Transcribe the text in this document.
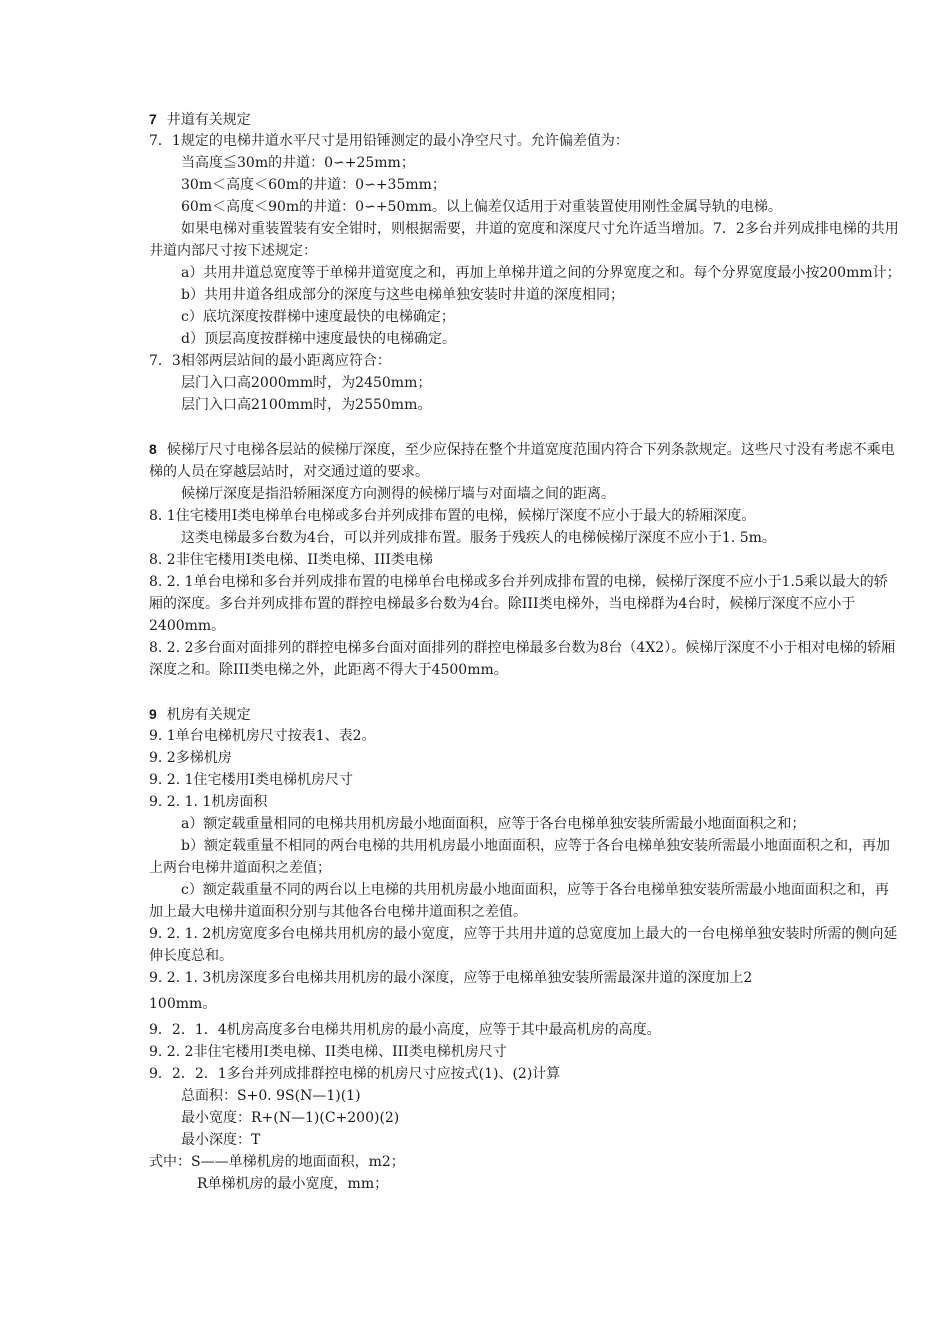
7 井道有关规定
7．1规定的电梯井道水平尺寸是用铅锤测定的最小净空尺寸。允许偏差值为：
当高度≦30m的井道：0∽+25mm；
30m＜高度＜60m的井道：0∽+35mm；
60m＜高度＜90m的井道：0∽+50mm。以上偏差仅适用于对重装置使用刚性金属导轨的电梯。
如果电梯对重装置装有安全钳时，则根据需要，井道的宽度和深度尺寸允许适当增加。7．2多台并列成排电梯的共用井道内部尺寸按下述规定：
a）共用井道总宽度等于单梯井道宽度之和，再加上单梯井道之间的分界宽度之和。每个分界宽度最小按200mm计；
b）共用井道各组成部分的深度与这些电梯单独安装时井道的深度相同；
c）底坑深度按群梯中速度最快的电梯确定；
d）顶层高度按群梯中速度最快的电梯确定。
7．3相邻两层站间的最小距离应符合：
层门入口高2000mm时，为2450mm；
层门入口高2100mm时，为2550mm。
8 候梯厅尺寸电梯各层站的候梯厅深度，至少应保持在整个井道宽度范围内符合下列条款规定。这些尺寸没有考虑不乘电梯的人员在穿越层站时，对交通过道的要求。
候梯厅深度是指沿轿厢深度方向测得的候梯厅墙与对面墙之间的距离。
8. 1住宅楼用Ⅰ类电梯单台电梯或多台并列成排布置的电梯，候梯厅深度不应小于最大的轿厢深度。
这类电梯最多台数为4台，可以并列成排布置。服务于残疾人的电梯候梯厅深度不应小于1. 5m。
8. 2非住宅楼用I类电梯、II类电梯、III类电梯
8. 2. 1单台电梯和多台并列成排布置的电梯单台电梯或多台并列成排布置的电梯，候梯厅深度不应小于1.5乘以最大的轿厢的深度。多台并列成排布置的群控电梯最多台数为4台。除III类电梯外，当电梯群为4台时，候梯厅深度不应小于2400mm。
8. 2. 2多台面对面排列的群控电梯多台面对面排列的群控电梯最多台数为8台（4X2）。候梯厅深度不小于相对电梯的轿厢深度之和。除III类电梯之外，此距离不得大于4500mm。
9 机房有关规定
9. 1单台电梯机房尺寸按表1、表2。
9. 2多梯机房
9. 2. 1住宅楼用Ⅰ类电梯机房尺寸
9. 2. 1. 1机房面积
a）额定载重量相同的电梯共用机房最小地面面积，应等于各台电梯单独安装所需最小地面面积之和；
b）额定载重量不相同的两台电梯的共用机房最小地面面积，应等于各台电梯单独安装所需最小地面面积之和，再加上两台电梯井道面积之差值；
c）额定载重量不同的两台以上电梯的共用机房最小地面面积，应等于各台电梯单独安装所需最小地面面积之和，再加上最大电梯井道面积分别与其他各台电梯井道面积之差值。
9. 2. 1. 2机房宽度多台电梯共用机房的最小宽度，应等于共用井道的总宽度加上最大的一台电梯单独安装时所需的侧向延伸长度总和。
9. 2. 1. 3机房深度多台电梯共用机房的最小深度，应等于电梯单独安装所需最深井道的深度加上2
100mm。
9．2．1．4机房高度多台电梯共用机房的最小高度，应等于其中最高机房的高度。
9. 2. 2非住宅楼用I类电梯、II类电梯、III类电梯机房尺寸
9．2．2．1多台并列成排群控电梯的机房尺寸应按式(1)、(2)计算
总面积：S+0. 9S(N—1)(1)
最小宽度：R+(N—1)(C+200)(2)
最小深度：T
式中：S——单梯机房的地面面积，m2；
R单梯机房的最小宽度，mm；
